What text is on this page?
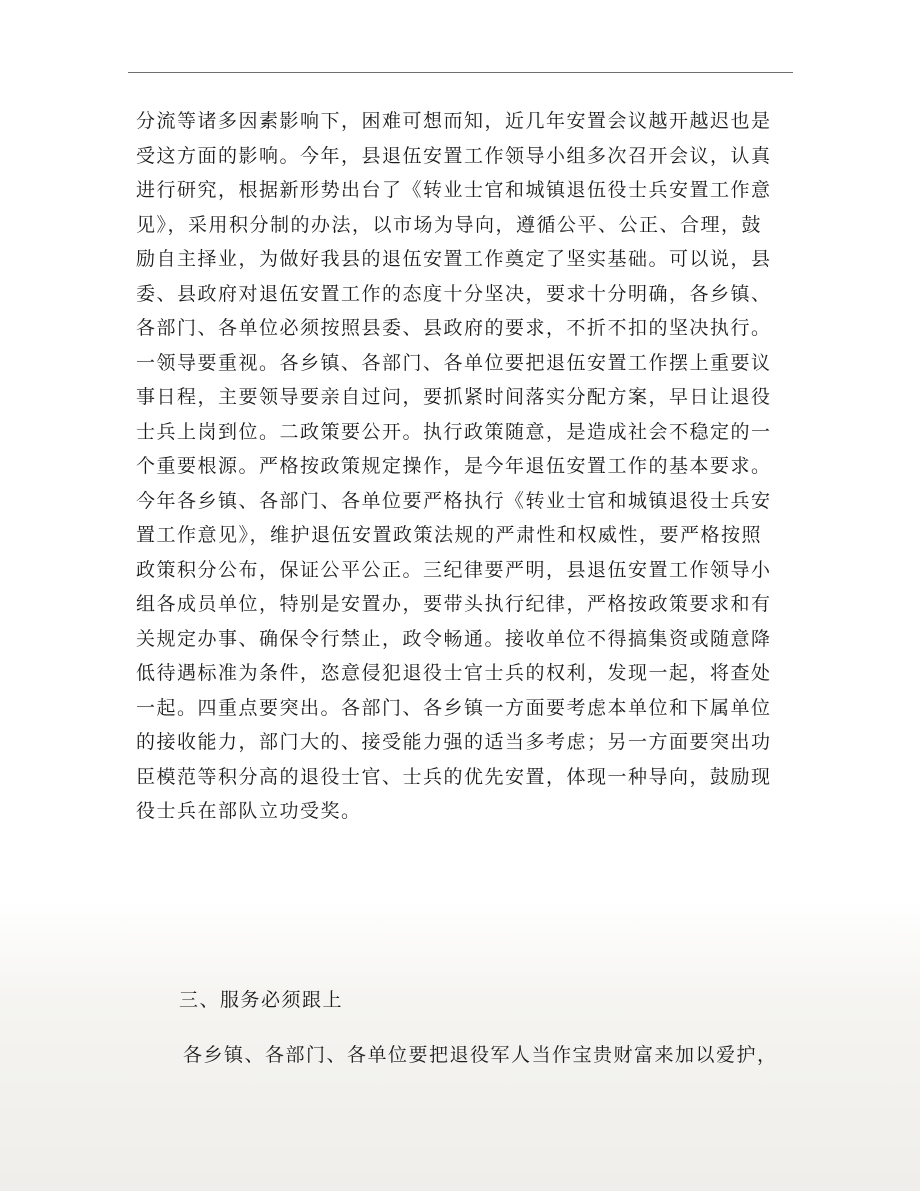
分流等诸多因素影响下，困难可想而知，近几年安置会议越开越迟也是
受这方面的影响。今年，县退伍安置工作领导小组多次召开会议，认真
进行研究，根据新形势出台了《转业士官和城镇退伍役士兵安置工作意
见》，采用积分制的办法，以市场为导向，遵循公平、公正、合理，鼓
励自主择业，为做好我县的退伍安置工作奠定了坚实基础。可以说，县
委、县政府对退伍安置工作的态度十分坚决，要求十分明确，各乡镇、
各部门、各单位必须按照县委、县政府的要求，不折不扣的坚决执行。
一领导要重视。各乡镇、各部门、各单位要把退伍安置工作摆上重要议
事日程，主要领导要亲自过问，要抓紧时间落实分配方案，早日让退役
士兵上岗到位。二政策要公开。执行政策随意，是造成社会不稳定的一
个重要根源。严格按政策规定操作，是今年退伍安置工作的基本要求。
今年各乡镇、各部门、各单位要严格执行《转业士官和城镇退役士兵安
置工作意见》，维护退伍安置政策法规的严肃性和权威性，要严格按照
政策积分公布，保证公平公正。三纪律要严明，县退伍安置工作领导小
组各成员单位，特别是安置办，要带头执行纪律，严格按政策要求和有
关规定办事、确保令行禁止，政令畅通。接收单位不得搞集资或随意降
低待遇标准为条件，恣意侵犯退役士官士兵的权利，发现一起，将查处
一起。四重点要突出。各部门、各乡镇一方面要考虑本单位和下属单位
的接收能力，部门大的、接受能力强的适当多考虑；另一方面要突出功
臣模范等积分高的退役士官、士兵的优先安置，体现一种导向，鼓励现
役士兵在部队立功受奖。
三、服务必须跟上
各乡镇、各部门、各单位要把退役军人当作宝贵财富来加以爱护，
